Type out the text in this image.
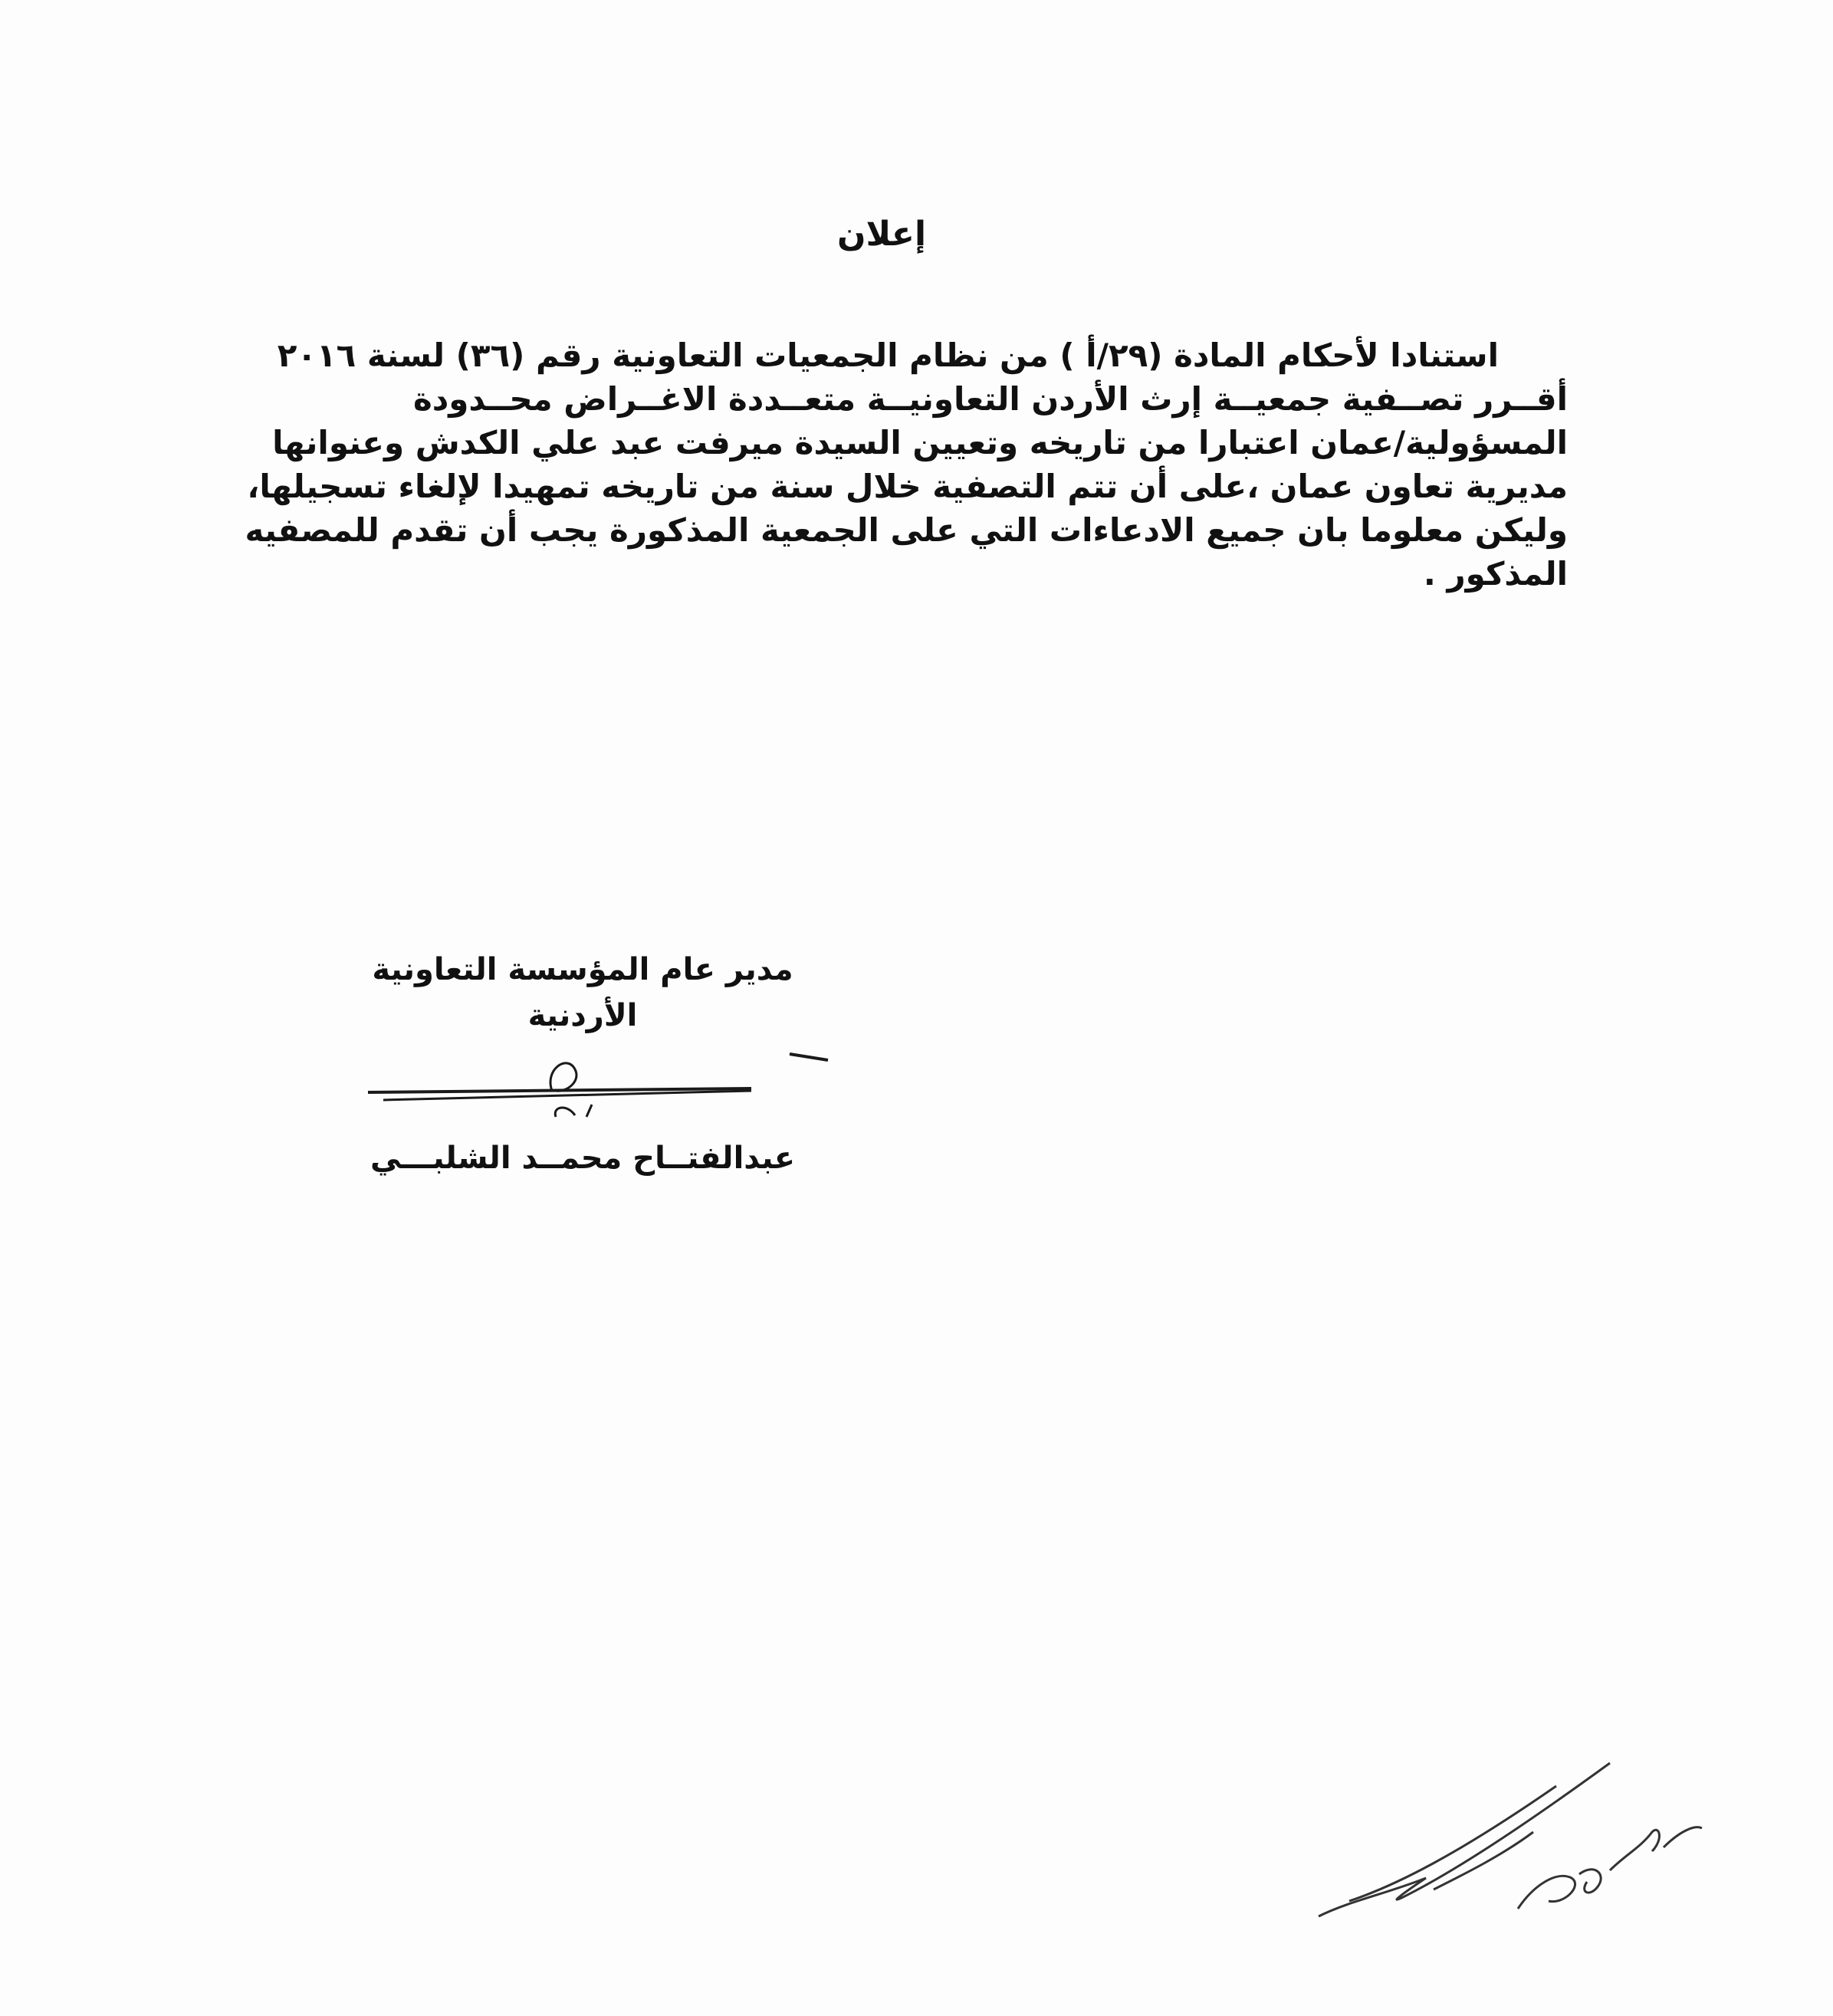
إعلان
استنادا لأحكام المادة (٢٩/أ ) من نظام الجمعيات التعاونية رقم (٣٦) لسنة ٢٠١٦
أقــرر تصــفية جمعيــة إرث الأردن التعاونيــة متعــددة الاغــراض محــدودة
المسؤولية/عمان اعتبارا من تاريخه وتعيين السيدة ميرفت عبد علي الكدش وعنوانها
مديرية تعاون عمان ،على أن تتم التصفية خلال سنة من تاريخه تمهيدا لإلغاء تسجيلها،
وليكن معلوما بان جميع الادعاءات التي على الجمعية المذكورة يجب أن تقدم للمصفيه
المذكور .
مدير عام المؤسسة التعاونية الأردنية
عبدالفتــاح محمــد الشلبـــي
